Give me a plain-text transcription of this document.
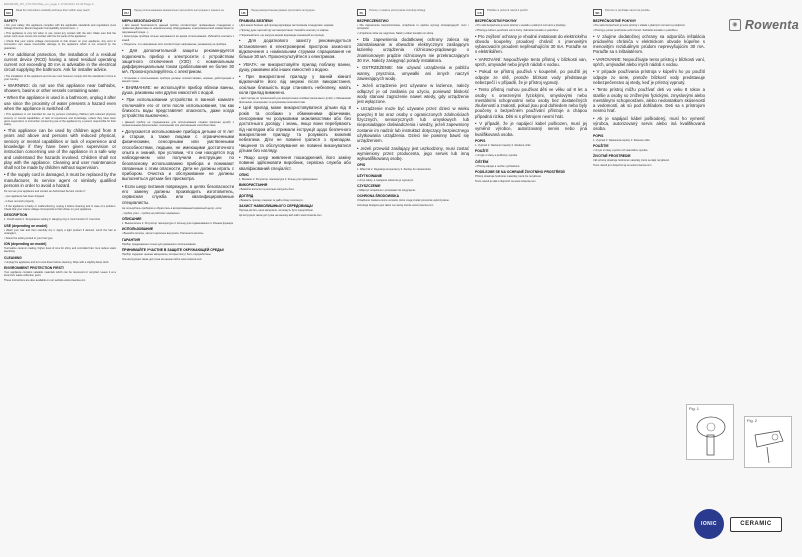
ED602430_DX_CV1760 Mise_en_page 1 17/11/2011 10:43 Page 2
◉ Rowenta
EN
Read the instructions carefully and keep them within easy reach.
SAFETY
• For your safety, this appliance complies with the applicable standards and regulations (Low Voltage Directive, Electromagnetic Compatibility, Environment...).
• This appliance is very hot when in use. Avoid any contact with the skin. Make sure that the power cord never comes into contact with the hot parts of the appliance.
• Check that your mains voltage corresponds to that shown on your appliance. Any error in connection can cause irreversible damage to the appliance which is not covered by the guarantee.
• For additional protection, the installation of a residual current device (RCD) having a rated residual operating current not exceeding 30 mA is advisable in the electrical circuit supplying the bathroom. Ask for installer advice.
• The installation of the appliance and its use must however comply with the standards in force in your country.
• WARNING: do not use this appliance near bathtubs, showers, basins or other vessels containing water.
• When the appliance is used in a bathroom, unplug it after use since the proximity of water presents a hazard even when the appliance is switched off.
• This appliance is not intended for use by persons (including children) with reduced physical, sensory or mental capabilities, or lack of experience and knowledge, unless they have been given supervision or instruction concerning use of the appliance by a person responsible for their safety.
• This appliance can be used by children aged from 8 years and above and persons with reduced physical, sensory or mental capabilities or lack of experience and knowledge if they have been given supervision or instruction concerning use of the appliance in a safe way and understand the hazards involved. Children shall not play with the appliance. Cleaning and user maintenance shall not be made by children without supervision.
• If the supply cord is damaged, it must be replaced by the manufacturer, its service agent or similarly qualified persons in order to avoid a hazard.
Do not use your appliance and contact an Authorised Service Centre if:
- your appliance has been dropped
- it does not work properly.
• If the appliance is faulty or malfunctioning, unplug it before cleaning and in case of a problem. Check that your mains voltage corresponds to that shown on your appliance.
DESCRIPTION
1. On/off switch 2. Temperature setting 3. Hanging ring 4. Ionic function 5. Cool shot
USE (depending on model)
• Wash your hair and then carefully dry it. Apply a light product if desired, comb the hair to untangle it.
• Select the setting suited to your hair type.
ION (depending on model)
Tourmaline ceramic coating, higher level of ions for shiny and controlled hair. Ions reduce static electricity.
CLEANING
• Unplug the appliance and let it cool down before cleaning. Wipe with a slightly damp cloth.
ENVIRONMENT PROTECTION FIRST!
Your appliance contains valuable materials which can be recovered or recycled. Leave it at a local civic waste collection point.
These instructions are also available on our website www.rowenta.com
RU
Перед использованием внимательно прочитайте инструкцию и храните ее.
МЕРЫ БЕЗОПАСНОСТИ
• Для вашей безопасности данный прибор соответствует применимым стандартам и правилам (Директивы по низковольтному оборудованию, электромагнитной совместимости, окружающей среде...).
• Аксессуары прибора сильно нагреваются во время использования. Избегайте контакта с кожей.
• Убедитесь, что напряжение сети соответствует напряжению, указанному на приборе.
• Для дополнительной защиты рекомендуется подключать прибор к электросети с устройством защитного отключения (УЗО) с номинальным дифференциальным током срабатывания не более 30 мА. Проконсультируйтесь с электриком.
• Установка и использование прибора должны соответствовать нормам, действующим в вашей стране.
• ВНИМАНИЕ: не используйте прибор вблизи ванны, душа, раковины или других емкостей с водой.
• При использовании устройства в ванной комнате отключайте его от сети после использования, так как близость воды представляет опасность, даже когда устройство выключено.
• Данный прибор не предназначен для использования лицами (включая детей) с ограниченными физическими, сенсорными или умственными способностями.
• Допускается использование прибора детьми от 8 лет и старше, а также лицами с ограниченными физическими, сенсорными или умственными способностями, людьми, не имеющими достаточного опыта и знаний, при условии, что они находятся под наблюдением или получили инструкции по безопасному использованию прибора и понимают связанные с этим опасности. Дети не должны играть с прибором. Очистка и обслуживание не должны выполняться детьми без присмотра.
• Если шнур питания поврежден, в целях безопасности его замену должны производить изготовитель, сервисная служба или квалифицированные специалисты.
Не пользуйтесь прибором и обратитесь в авторизованный сервисный центр, если:
- прибор упал; - прибор не работает нормально.
ОПИСАНИЕ
1. Выключатель 2. Регулятор температуры 3. Кольцо для подвешивания 4. Ионная функция
ИСПОЛЬЗОВАНИЕ
• Вымойте волосы, затем тщательно высушите. Расчешите волосы.
ГАРАНТИЯ
Прибор предназначен только для домашнего использования.
ПРИНИМАЙТЕ УЧАСТИЕ В ЗАЩИТЕ ОКРУЖАЮЩЕЙ СРЕДЫ!
Прибор содержит ценные материалы, которые могут быть переработаны.
Эта инструкция также доступна на нашем сайте www.rowenta.com
UK
Перед використанням уважно прочитайте інструкцію.
ПРАВИЛА БЕЗПЕКИ
• Для вашої безпеки цей прилад відповідає застосовним стандартам і нормам.
• Прилад дуже гарячий під час використання. Уникайте контакту зі шкірою.
• Переконайтеся, що напруга мережі відповідає зазначеній на приладі.
• Для додаткового захисту рекомендується встановлення в електромережі пристрою захисного відключення з номінальним струмом спрацювання не більше 30 мА. Проконсультуйтеся з електриком.
• УВАГА: не використовуйте прилад поблизу ванни, душу, раковини або інших ємностей з водою.
• При використанні приладу у ванній кімнаті відключайте його від мережі після використання, оскільки близькість води становить небезпеку, навіть коли прилад вимкнено.
• Цей прилад не призначений для використання особами (включаючи дітей) з обмеженими фізичними, сенсорними чи розумовими можливостями.
• Цей прилад може використовуватися дітьми від 8 років та особами з обмеженими фізичними, сенсорними чи розумовими можливостями або без достатнього досвіду і знань, якщо вони перебувають під наглядом або отримали інструкції щодо безпечного використання приладу та розуміють можливі небезпеки. Діти не повинні гратися з приладом. Чищення та обслуговування не повинні виконуватися дітьми без нагляду.
• Якщо шнур живлення пошкоджений, його заміну повинні здійснювати виробник, сервісна служба або кваліфікований спеціаліст.
ОПИС
1. Вимикач 2. Регулятор температури 3. Кільце для підвішування
ВИКОРИСТАННЯ
• Вимийте волосся та ретельно висушіть його.
ДОГЛЯД
• Вимкніть прилад з мережі та дайте йому охолонути.
ЗАХИСТ НАВКОЛИШНЬОГО СЕРЕДОВИЩА!
Прилад містить цінні матеріали, які можуть бути перероблені.
Ця інструкція також доступна на нашому веб-сайті www.rowenta.com
PL
Prosimy o uważne przeczytanie instrukcji obsługi.
BEZPIECZEŃSTWO
• Dla zapewnienia bezpieczeństwa, urządzenie to spełnia wymogi obowiązujących norm i przepisów.
• Urządzenie silnie się nagrzewa. Należy unikać kontaktu ze skórą.
• Dla zapewnienia dodatkowej ochrony zaleca się zainstalowanie w obwodzie elektrycznym zasilającym łazienkę urządzenia różnicowo-prądowego o znamionowym prądzie różnicowym nie przekraczającym 30 mA. Należy zasięgnąć porady instalatora.
• OSTRZEŻENIE: Nie używać urządzenia w pobliżu wanny, prysznica, umywalki ani innych naczyń zawierających wodę.
• Jeżeli urządzenie jest używane w łazience, należy odłączyć je od zasilania po użyciu, ponieważ bliskość wody stanowi zagrożenie nawet wtedy, gdy urządzenie jest wyłączone.
• Urządzenie może być używane przez dzieci w wieku powyżej 8 lat oraz osoby o ograniczonych zdolnościach fizycznych, sensorycznych lub umysłowych lub nieposiadające doświadczenia i wiedzy, jeżeli zapewniony zostanie im nadzór lub instruktaż dotyczący bezpiecznego użytkowania urządzenia. Dzieci nie powinny bawić się urządzeniem.
• Jeżeli przewód zasilający jest uszkodzony, musi zostać wymieniony przez producenta, jego serwis lub inną wykwalifikowaną osobę.
OPIS
1. Włącznik 2. Regulacja temperatury 3. Zaczep do zawieszania
UŻYTKOWANIE
• Umyć włosy, a następnie starannie je wysuszyć.
CZYSZCZENIE
• Odłączyć urządzenie i pozostawić do ostygnięcia.
OCHRONA ŚRODOWISKA
Urządzenie zawiera cenne surowce, które mogą zostać ponownie wykorzystane.
Instrukcja dostępna jest także na naszej stronie www.rowenta.com
CS
Přečtěte si pozorně návod k použití.
BEZPEČNOSTNÍ POKYNY
• Pro vaši bezpečnost je tento přístroj v souladu s platnými normami a předpisy.
• Přístroj je během používání velmi horký. Zabraňte kontaktu s pokožkou.
• Pro zvýšení ochrany je vhodné instalovat do elektrického obvodu koupelny proudový chránič s jmenovitým vybavovacím proudem nepřesahujícím 30 mA. Poraďte se s elektrikářem.
• VAROVÁNÍ: Nepoužívejte tento přístroj v blízkosti van, sprch, umyvadel nebo jiných nádob s vodou.
• Pokud se přístroj používá v koupelně, po použití jej odpojte ze sítě, protože blízkost vody představuje nebezpečí i v případě, že je přístroj vypnutý.
• Tento přístroj mohou používat děti ve věku od 8 let a osoby s omezenými fyzickými, smyslovými nebo mentálními schopnostmi nebo osoby bez dostatečných zkušeností a znalostí, pokud jsou pod dohledem nebo byly poučeny o bezpečném používání přístroje a chápou případná rizika. Děti si s přístrojem nesmí hrát.
• V případě, že je napájecí kabel poškozen, musí jej vyměnit výrobce, autorizovaný servis nebo jiná kvalifikovaná osoba.
POPIS
1. Vypínač 2. Nastavení teploty 3. Závěsné očko
POUŽITÍ
• Umyjte si vlasy a pečlivě je vysušte.
ČIŠTĚNÍ
• Přístroj odpojte a nechte vychladnout.
PODÍLEJME SE NA OCHRANĚ ŽIVOTNÍHO PROSTŘEDÍ!
Přístroj obsahuje hodnotné materiály, které lze recyklovat.
Tento návod je také k dispozici na www.rowenta.com
SK
Pozorne si prečítajte návod na použitie.
BEZPEČNOSTNÉ POKYNY
• Pre vašu bezpečnosť je tento prístroj v súlade s platnými normami a predpismi.
• Prístroj je počas používania veľmi horúci. Zabráňte kontaktu s pokožkou.
• V záujme dodatočnej ochrany sa odporúča inštalácia prúdového chrániča v elektrickom obvode kúpeľne s menovitým reziduálnym prúdom neprevyšujúcim 30 mA. Poraďte sa s inštalatérom.
• VAROVANIE: Nepoužívajte tento prístroj v blízkosti vaní, spŕch, umývadiel alebo iných nádob s vodou.
• V prípade používania prístroja v kúpeľni ho po použití odpojte zo siete, pretože blízkosť vody predstavuje nebezpečenstvo aj vtedy, keď je prístroj vypnutý.
• Tento prístroj môžu používať deti vo veku 8 rokov a staršie a osoby so zníženými fyzickými, zmyslovými alebo mentálnymi schopnosťami, alebo nedostatkom skúseností a vedomostí, ak sú pod dohľadom. Deti sa s prístrojom nesmú hrať.
• Ak je napájací kábel poškodený, musí ho vymeniť výrobca, autorizovaný servis alebo iná kvalifikovaná osoba.
POPIS
1. Vypínač 2. Nastavenie teploty 3. Závesné očko
POUŽITIE
• Umyte si vlasy a potom ich starostlivo vysušte.
ŽIVOTNÉ PROSTREDIE
Váš prístroj obsahuje hodnotné materiály, ktoré sa dajú recyklovať.
Tento návod je k dispozícii aj na www.rowenta.com
Fig. 1
Fig. 2
IONIC	CERAMIC
